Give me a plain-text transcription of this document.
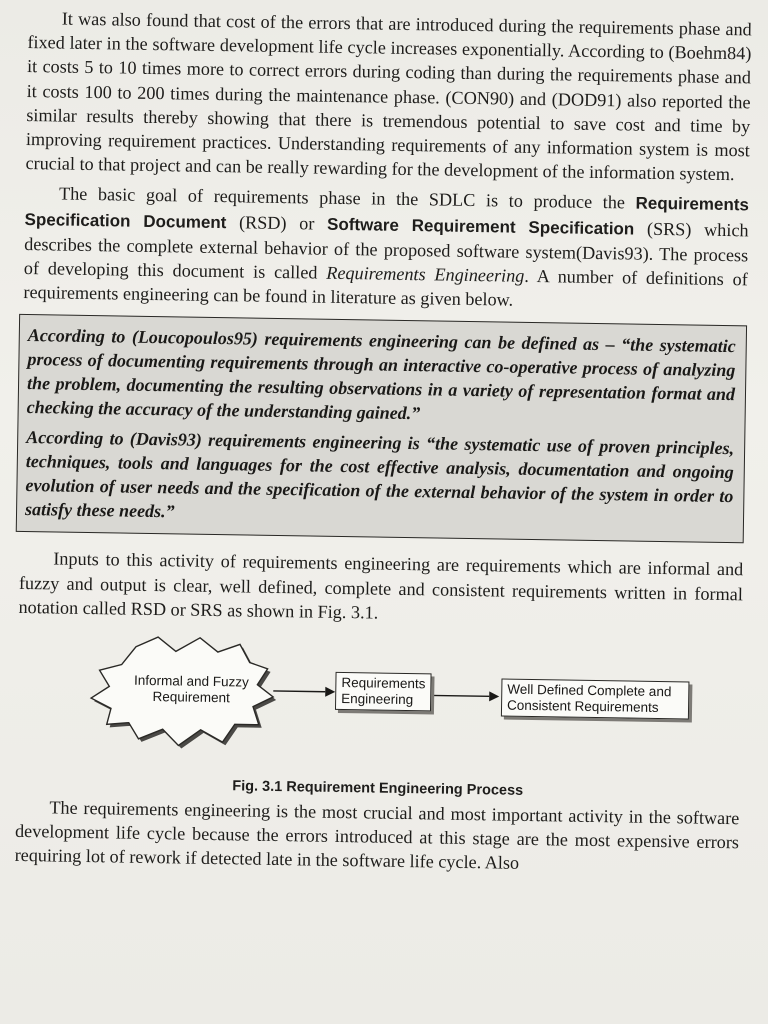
It was also found that cost of the errors that are introduced during the requirements phase and fixed later in the software development life cycle increases exponentially. According to (Boehm84) it costs 5 to 10 times more to correct errors during coding than during the requirements phase and it costs 100 to 200 times during the maintenance phase. (CON90) and (DOD91) also reported the similar results thereby showing that there is tremendous potential to save cost and time by improving requirement practices. Understanding requirements of any information system is most crucial to that project and can be really rewarding for the development of the information system.

The basic goal of requirements phase in the SDLC is to produce the Requirements Specification Document (RSD) or Software Requirement Specification (SRS) which describes the complete external behavior of the proposed software system(Davis93). The process of developing this document is called Requirements Engineering. A number of definitions of requirements engineering can be found in literature as given below.

According to (Loucopoulos95) requirements engineering can be defined as – “the systematic process of documenting requirements through an interactive co-operative process of analyzing the problem, documenting the resulting observations in a variety of representation format and checking the accuracy of the understanding gained.”

According to (Davis93) requirements engineering is “the systematic use of proven principles, techniques, tools and languages for the cost effective analysis, documentation and ongoing evolution of user needs and the specification of the external behavior of the system in order to satisfy these needs.”

Inputs to this activity of requirements engineering are requirements which are informal and fuzzy and output is clear, well defined, complete and consistent requirements written in formal notation called RSD or SRS as shown in Fig. 3.1.

Informal and Fuzzy
Requirement
Requirements
Engineering	Well Defined Complete and
Consistent Requirements
Fig. 3.1 Requirement Engineering Process

The requirements engineering is the most crucial and most important activity in the software development life cycle because the errors introduced at this stage are the most expensive errors requiring lot of rework if detected late in the software life cycle. Also
